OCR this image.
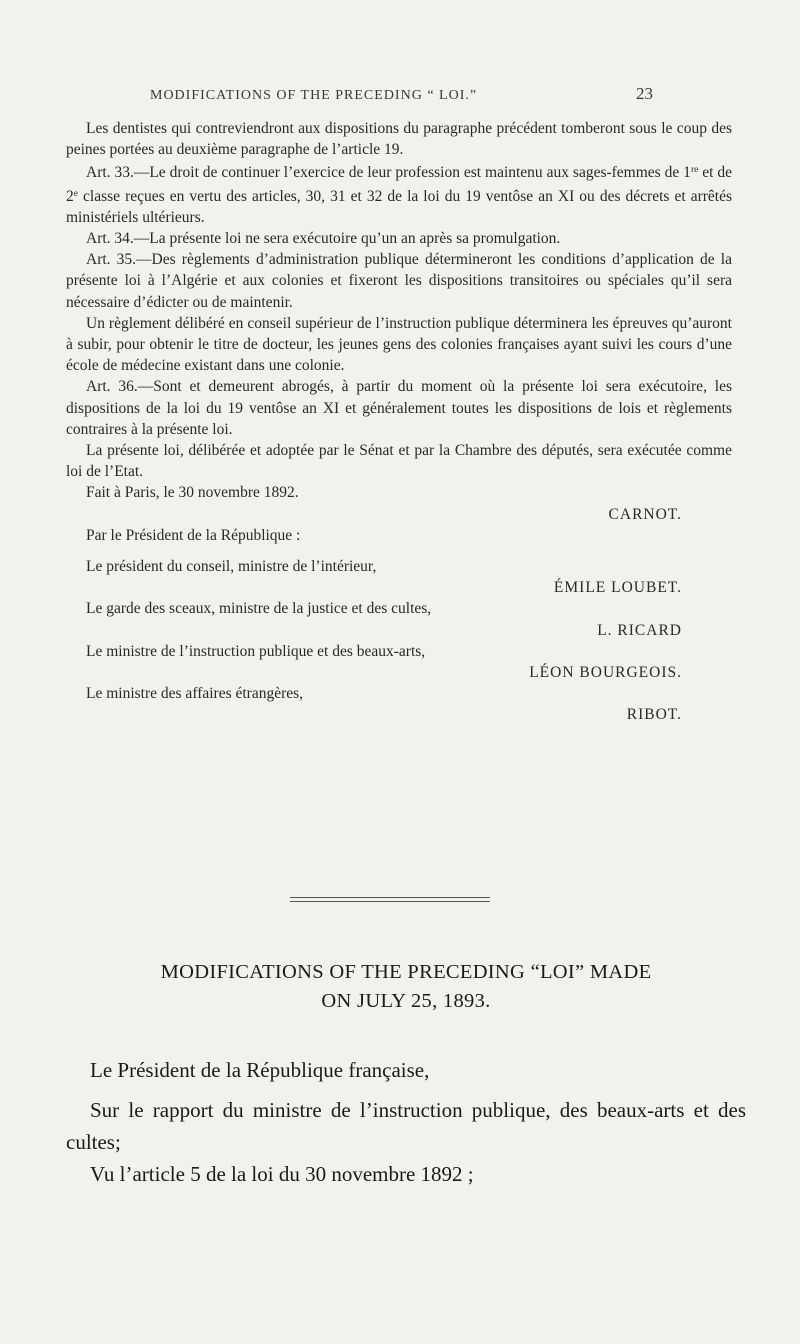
MODIFICATIONS OF THE PRECEDING “ LOI.”	23

Les dentistes qui contreviendront aux dispositions du paragraphe précédent tomberont sous le coup des peines portées au deuxième paragraphe de l’article 19.

Art. 33.—Le droit de continuer l’exercice de leur profession est maintenu aux sages-femmes de 1re et de 2e classe reçues en vertu des articles, 30, 31 et 32 de la loi du 19 ventôse an XI ou des décrets et arrêtés ministériels ultérieurs.

Art. 34.—La présente loi ne sera exécutoire qu’un an après sa promulgation.

Art. 35.—Des règlements d’administration publique détermineront les conditions d’application de la présente loi à l’Algérie et aux colonies et fixeront les dispositions transitoires ou spéciales qu’il sera nécessaire d’édicter ou de maintenir.

Un règlement délibéré en conseil supérieur de l’instruction publique déterminera les épreuves qu’auront à subir, pour obtenir le titre de docteur, les jeunes gens des colonies françaises ayant suivi les cours d’une école de médecine existant dans une colonie.

Art. 36.—Sont et demeurent abrogés, à partir du moment où la présente loi sera exécutoire, les dispositions de la loi du 19 ventôse an XI et généralement toutes les dispositions de lois et règlements contraires à la présente loi.

La présente loi, délibérée et adoptée par le Sénat et par la Chambre des députés, sera exécutée comme loi de l’Etat.

Fait à Paris, le 30 novembre 1892.

CARNOT.

Par le Président de la République :

Le président du conseil, ministre de l’intérieur,

ÉMILE LOUBET.

Le garde des sceaux, ministre de la justice et des cultes,

L. RICARD

Le ministre de l’instruction publique et des beaux-arts,

LÉON BOURGEOIS.

Le ministre des affaires étrangères,

RIBOT.

MODIFICATIONS OF THE PRECEDING “LOI” MADE
ON JULY 25, 1893.

Le Président de la République française,

Sur le rapport du ministre de l’instruction publique, des beaux-arts et des cultes;

Vu l’article 5 de la loi du 30 novembre 1892 ;
